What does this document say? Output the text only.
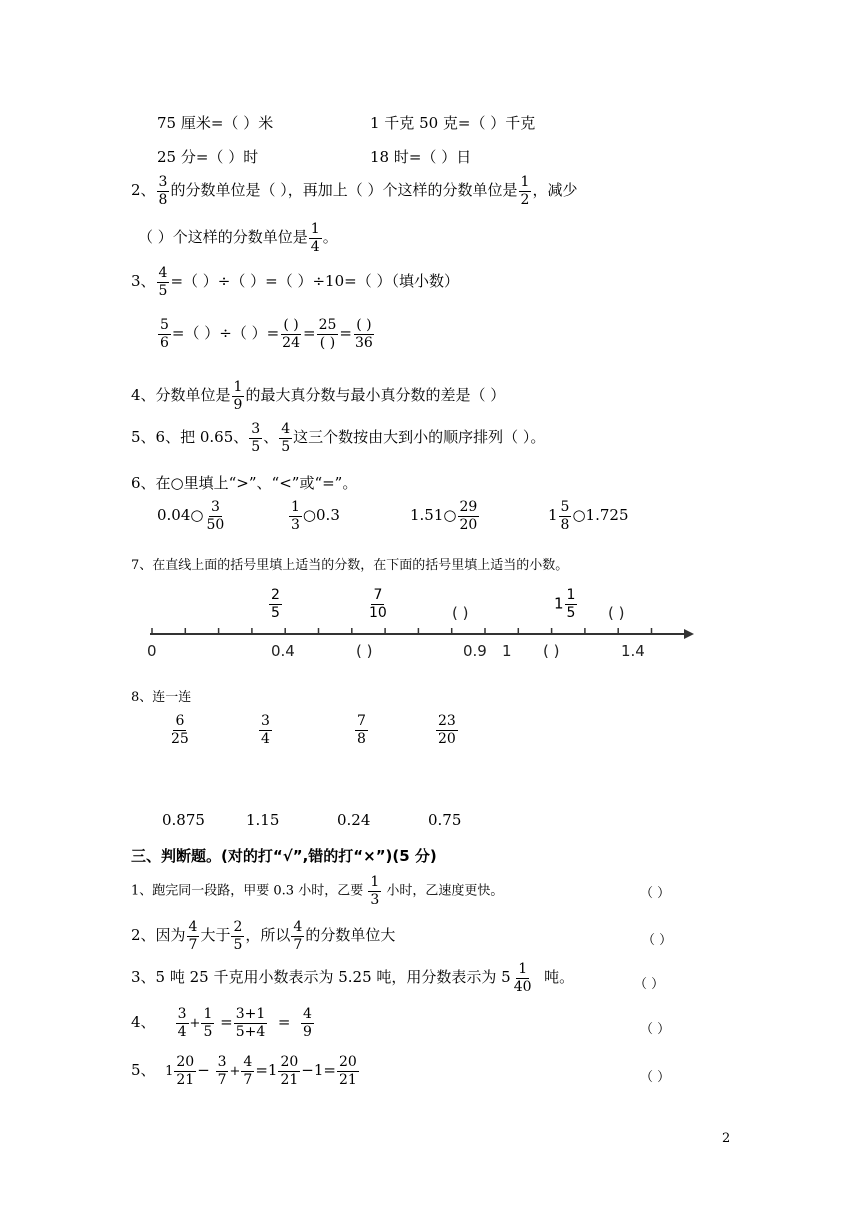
75 厘米=（ ）米	1 千克 50 克=（ ）千克
25 分=（ ）时	18 时=（ ）日
2、 $\frac{3}{8}$ 的分数单位是（ ），再加上（ ）个这样的分数单位是 $\frac{1}{2}$ ，减少
（ ）个这样的分数单位是 $\frac{1}{4}$ 。
3、 $\frac{4}{5}$ =（ ）÷（ ）=（ ）÷10=（ ）（填小数）
$\frac{5}{6}$ =（ ）÷（ ）= $\frac{( )}{24} = \frac{25}{( )} = \frac{( )}{36}$
4、分数单位是 $\frac{1}{9}$ 的最大真分数与最小真分数的差是（ ）
5、6、把 0.65、 $\frac{3}{5}$ 、 $\frac{4}{5}$ 这三个数按由大到小的顺序排列（ ）。
6、在○里填上“>”、“<”或“=”。
0.04○ $\frac{3}{50}$	$\frac{1}{3}$ ○0.3	1.51○ $\frac{29}{20}$	$1 \frac{5}{8}$ ○1.725
7、在直线上面的括号里填上适当的分数，在下面的括号里填上适当的小数。
$\frac{2}{5}$	$\frac{7}{10}$	( )
$1 \frac{1}{5}$ ( )
0	0.4	( )	0.9 1 ( )	1.4
8、连一连
$\frac{6}{25}$	$\frac{3}{4}$	$\frac{7}{8}$	$\frac{23}{20}$
0.875	1.15	0.24	0.75
三、判断题。(对的打“√”,错的打“×”)(5 分)
1、跑完同一段路，甲要 0.3 小时，乙要 $\frac{1}{3}$ 小时，乙速度更快。	（ ）
2、因为 $\frac{4}{7}$ 大于 $\frac{2}{5}$ ，所以 $\frac{4}{7}$ 的分数单位大	（ ）
3、5 吨 25 千克用小数表示为 5.25 吨，用分数表示为 $5 \frac{1}{40}$ 吨。	（ ）
4、 $\frac{3}{4} + \frac{1}{5} = \frac{3+1}{5+4} = \frac{4}{9}$	（ ）
5、 $1 \frac{20}{21} - \frac{3}{7} + \frac{4}{7} =1 \frac{20}{21} -1= \frac{20}{21}$	（ ）
2
